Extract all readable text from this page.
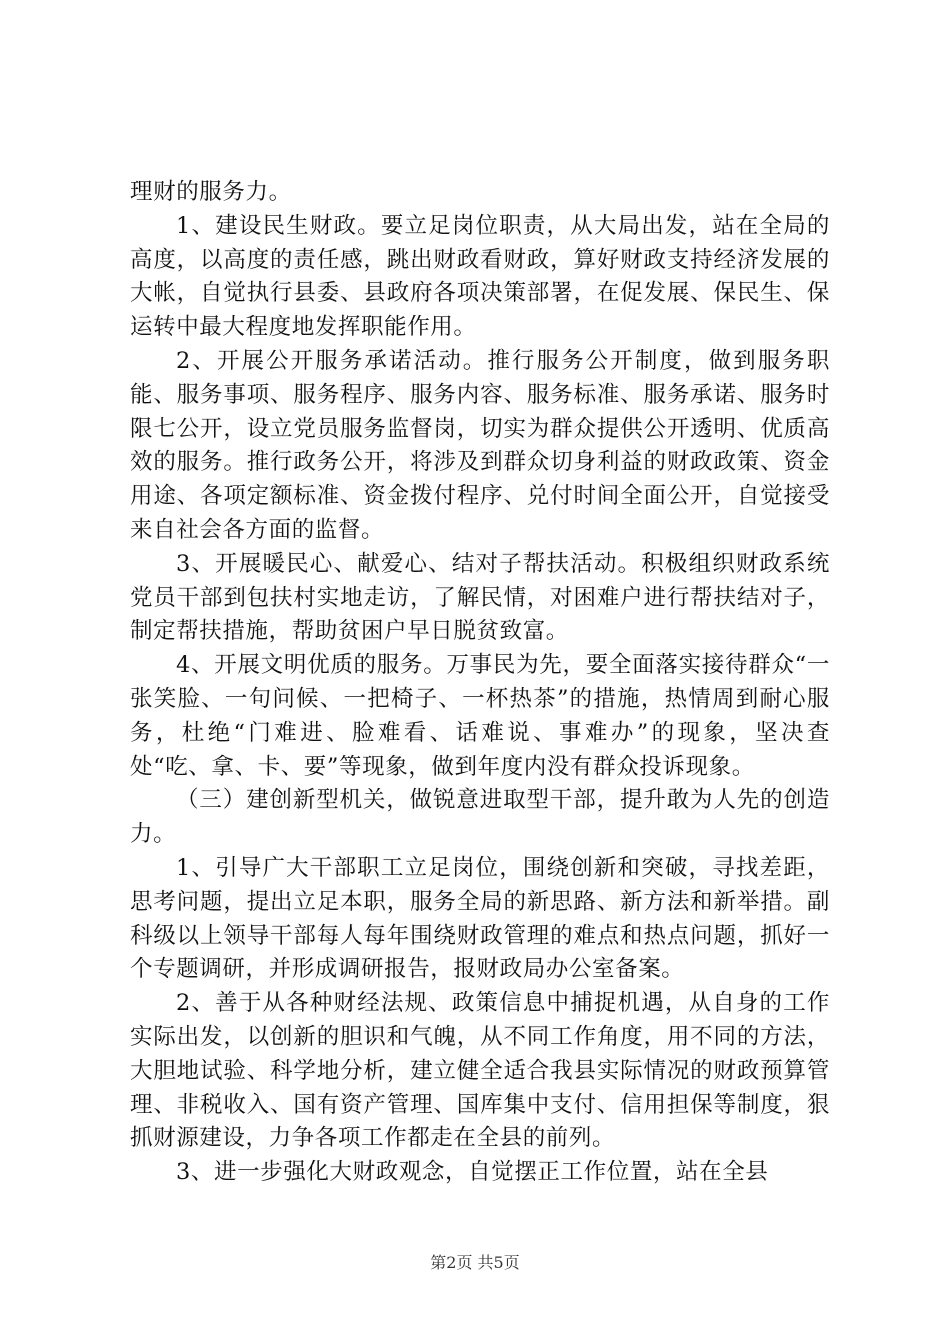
理财的服务力。

1、建设民生财政。要立足岗位职责，从大局出发，站在全局的高度，以高度的责任感，跳出财政看财政，算好财政支持经济发展的大帐，自觉执行县委、县政府各项决策部署，在促发展、保民生、保运转中最大程度地发挥职能作用。

2、开展公开服务承诺活动。推行服务公开制度，做到服务职能、服务事项、服务程序、服务内容、服务标准、服务承诺、服务时限七公开，设立党员服务监督岗，切实为群众提供公开透明、优质高效的服务。推行政务公开，将涉及到群众切身利益的财政政策、资金用途、各项定额标准、资金拨付程序、兑付时间全面公开，自觉接受来自社会各方面的监督。

3、开展暖民心、献爱心、结对子帮扶活动。积极组织财政系统党员干部到包扶村实地走访，了解民情，对困难户进行帮扶结对子，制定帮扶措施，帮助贫困户早日脱贫致富。

4、开展文明优质的服务。万事民为先，要全面落实接待群众“一张笑脸、一句问候、一把椅子、一杯热茶”的措施，热情周到耐心服务，杜绝“门难进、脸难看、话难说、事难办”的现象，坚决查处“吃、拿、卡、要”等现象，做到年度内没有群众投诉现象。

（三）建创新型机关，做锐意进取型干部，提升敢为人先的创造力。

1、引导广大干部职工立足岗位，围绕创新和突破，寻找差距，思考问题，提出立足本职，服务全局的新思路、新方法和新举措。副科级以上领导干部每人每年围绕财政管理的难点和热点问题，抓好一个专题调研，并形成调研报告，报财政局办公室备案。

2、善于从各种财经法规、政策信息中捕捉机遇，从自身的工作实际出发，以创新的胆识和气魄，从不同工作角度，用不同的方法，大胆地试验、科学地分析，建立健全适合我县实际情况的财政预算管理、非税收入、国有资产管理、国库集中支付、信用担保等制度，狠抓财源建设，力争各项工作都走在全县的前列。

3、进一步强化大财政观念，自觉摆正工作位置，站在全县

第2页 共5页
